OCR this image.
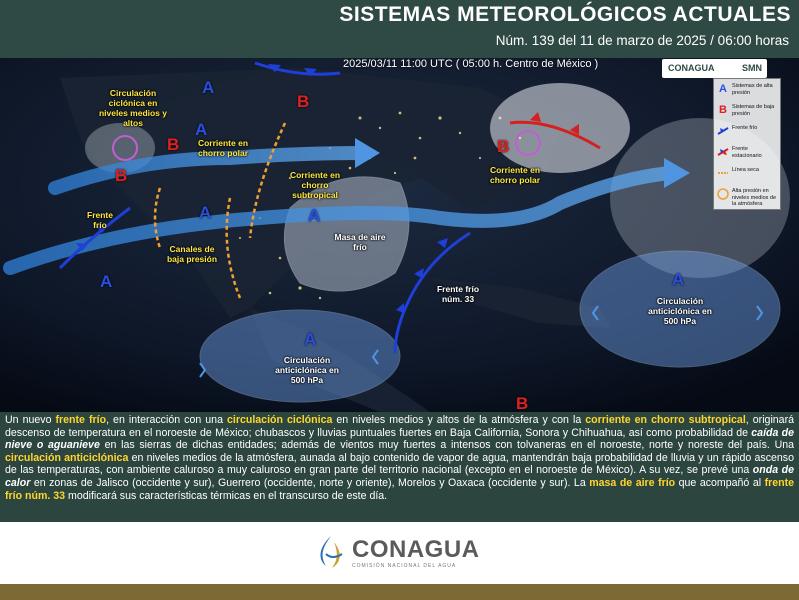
SISTEMAS METEOROLÓGICOS ACTUALES
Núm. 139 del 11 de marzo de 2025 / 06:00 horas
2025/03/11 11:00 UTC ( 05:00 h. Centro de México )	CONAGUA	SMN
A Sistemas de alta presión
B Sistemas de baja presión
Frente frío
Frente estacionario
Línea seca
Alta presión en niveles medios de la atmósfera
Circulación ciclónica en niveles medios y altos
Corriente en chorro polar
Corriente en chorro polar
Corriente en chorro subtropical
Frente frío
Canales de baja presión
Masa de aire frío
Frente frío núm. 33
Circulación anticiclónica en 500 hPa
Circulación anticiclónica en 500 hPa
A
A
A
A	A
A
A
B
B
B
B
B
Un nuevo frente frío, en interacción con una circulación ciclónica en niveles medios y altos de la atmósfera y con la corriente en chorro subtropical, originará descenso de temperatura en el noroeste de México; chubascos y lluvias puntuales fuertes en Baja California, Sonora y Chihuahua, así como probabilidad de caída de nieve o aguanieve en las sierras de dichas entidades; además de vientos muy fuertes a intensos con tolvaneras en el noroeste, norte y noreste del país. Una circulación anticiclónica en niveles medios de la atmósfera, aunada al bajo contenido de vapor de agua, mantendrán baja probabilidad de lluvia y un rápido ascenso de las temperaturas, con ambiente caluroso a muy caluroso en gran parte del territorio nacional (excepto en el noroeste de México). A su vez, se prevé una onda de calor en zonas de Jalisco (occidente y sur), Guerrero (occidente, norte y oriente), Morelos y Oaxaca (occidente y sur). La masa de aire frío que acompañó al frente frío núm. 33 modificará sus características térmicas en el transcurso de este día.
CONAGUA
COMISIÓN NACIONAL DEL AGUA
